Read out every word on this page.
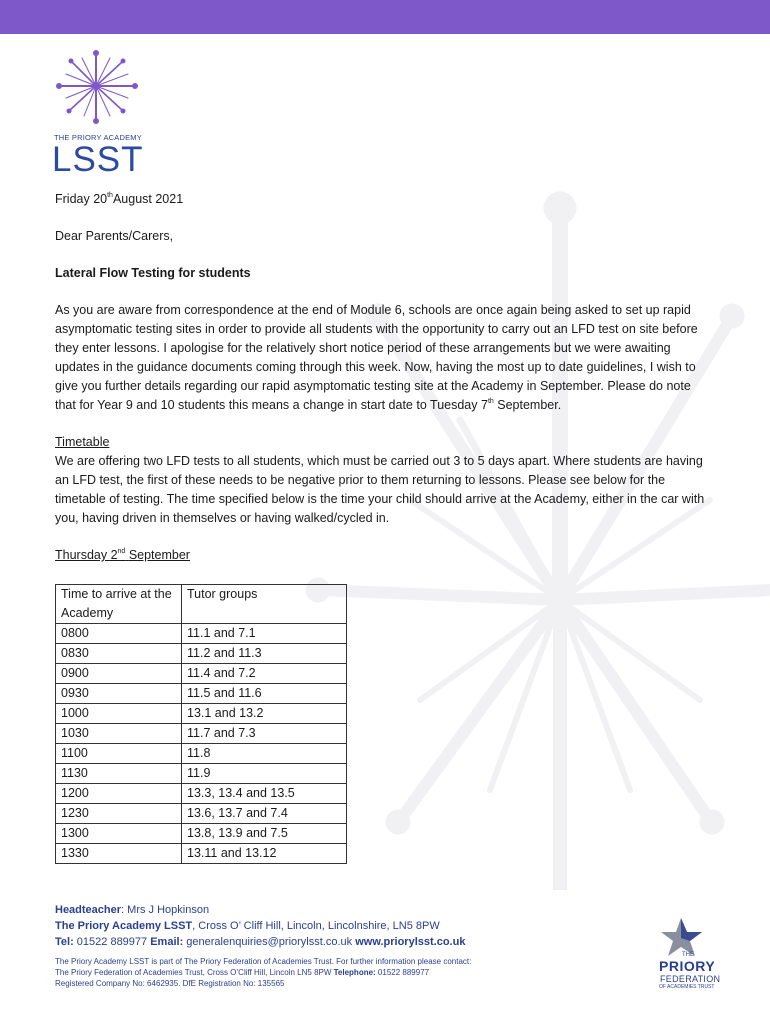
THE PRIORY ACADEMY
LSST

Friday 20thAugust 2021

Dear Parents/Carers,

Lateral Flow Testing for students

As you are aware from correspondence at the end of Module 6, schools are once again being asked to set up rapid asymptomatic testing sites in order to provide all students with the opportunity to carry out an LFD test on site before they enter lessons. I apologise for the relatively short notice period of these arrangements but we were awaiting updates in the guidance documents coming through this week. Now, having the most up to date guidelines, I wish to give you further details regarding our rapid asymptomatic testing site at the Academy in September. Please do note that for Year 9 and 10 students this means a change in start date to Tuesday 7th September.

Timetable

We are offering two LFD tests to all students, which must be carried out 3 to 5 days apart. Where students are having an LFD test, the first of these needs to be negative prior to them returning to lessons. Please see below for the timetable of testing. The time specified below is the time your child should arrive at the Academy, either in the car with you, having driven in themselves or having walked/cycled in.

Thursday 2nd September

Time to arrive at the Academy	Tutor groups
0800	11.1 and 7.1
0830	11.2 and 11.3
0900	11.4 and 7.2
0930	11.5 and 11.6
1000	13.1 and 13.2
1030	11.7 and 7.3
1100	11.8
1130	11.9
1200	13.3, 13.4 and 13.5
1230	13.6, 13.7 and 7.4
1300	13.8, 13.9 and 7.5
1330	13.11 and 13.12
Headteacher: Mrs J Hopkinson
The Priory Academy LSST, Cross O’ Cliff Hill, Lincoln, Lincolnshire, LN5 8PW
Tel: 01522 889977 Email: generalenquiries@priorylsst.co.uk www.priorylsst.co.uk
The Priory Academy LSST is part of The Priory Federation of Academies Trust. For further information please contact:
The Priory Federation of Academies Trust, Cross O’Cliff Hill, Lincoln LN5 8PW Telephone: 01522 889977
Registered Company No: 6462935. DfE Registration No: 135565
THE
PRIORY
FEDERATION
OF ACADEMIES TRUST
